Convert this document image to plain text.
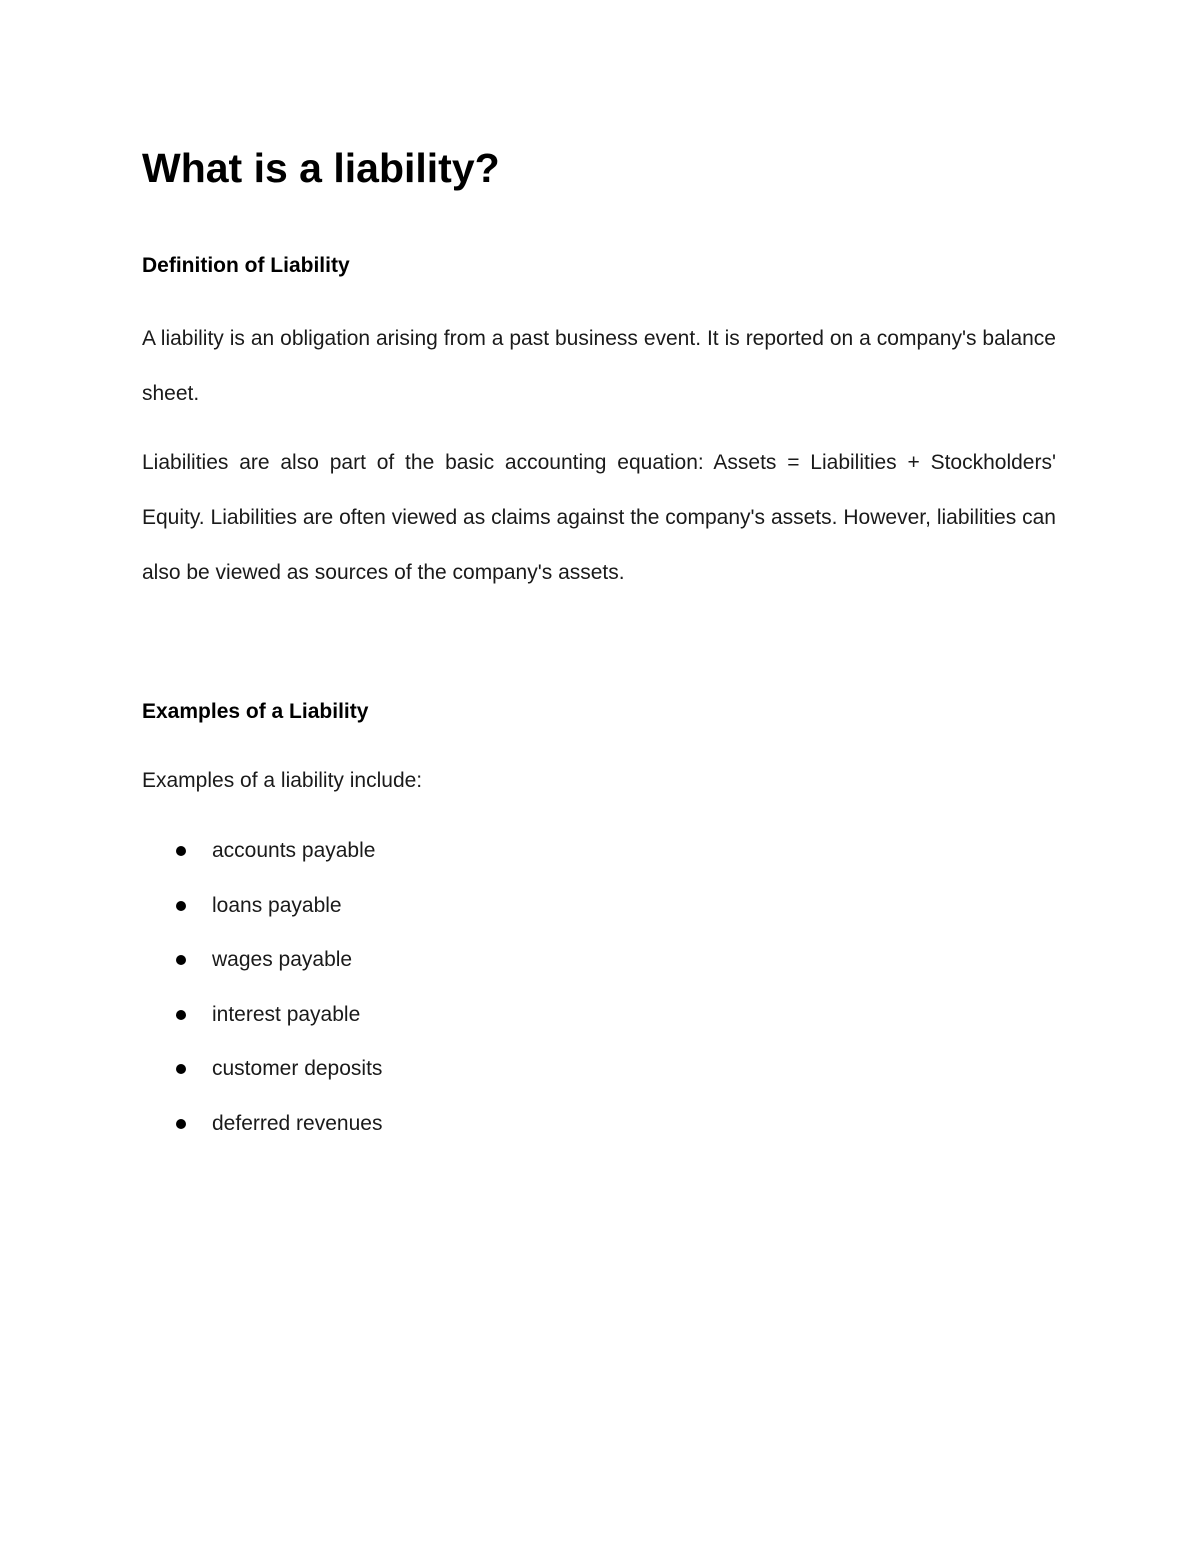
What is a liability?
Definition of Liability

A liability is an obligation arising from a past business event. It is reported on a company's balance sheet.

Liabilities are also part of the basic accounting equation: Assets = Liabilities + Stockholders' Equity. Liabilities are often viewed as claims against the company's assets. However, liabilities can also be viewed as sources of the company's assets.

Examples of a Liability

Examples of a liability include:

accounts payable
loans payable
wages payable
interest payable
customer deposits
deferred revenues
